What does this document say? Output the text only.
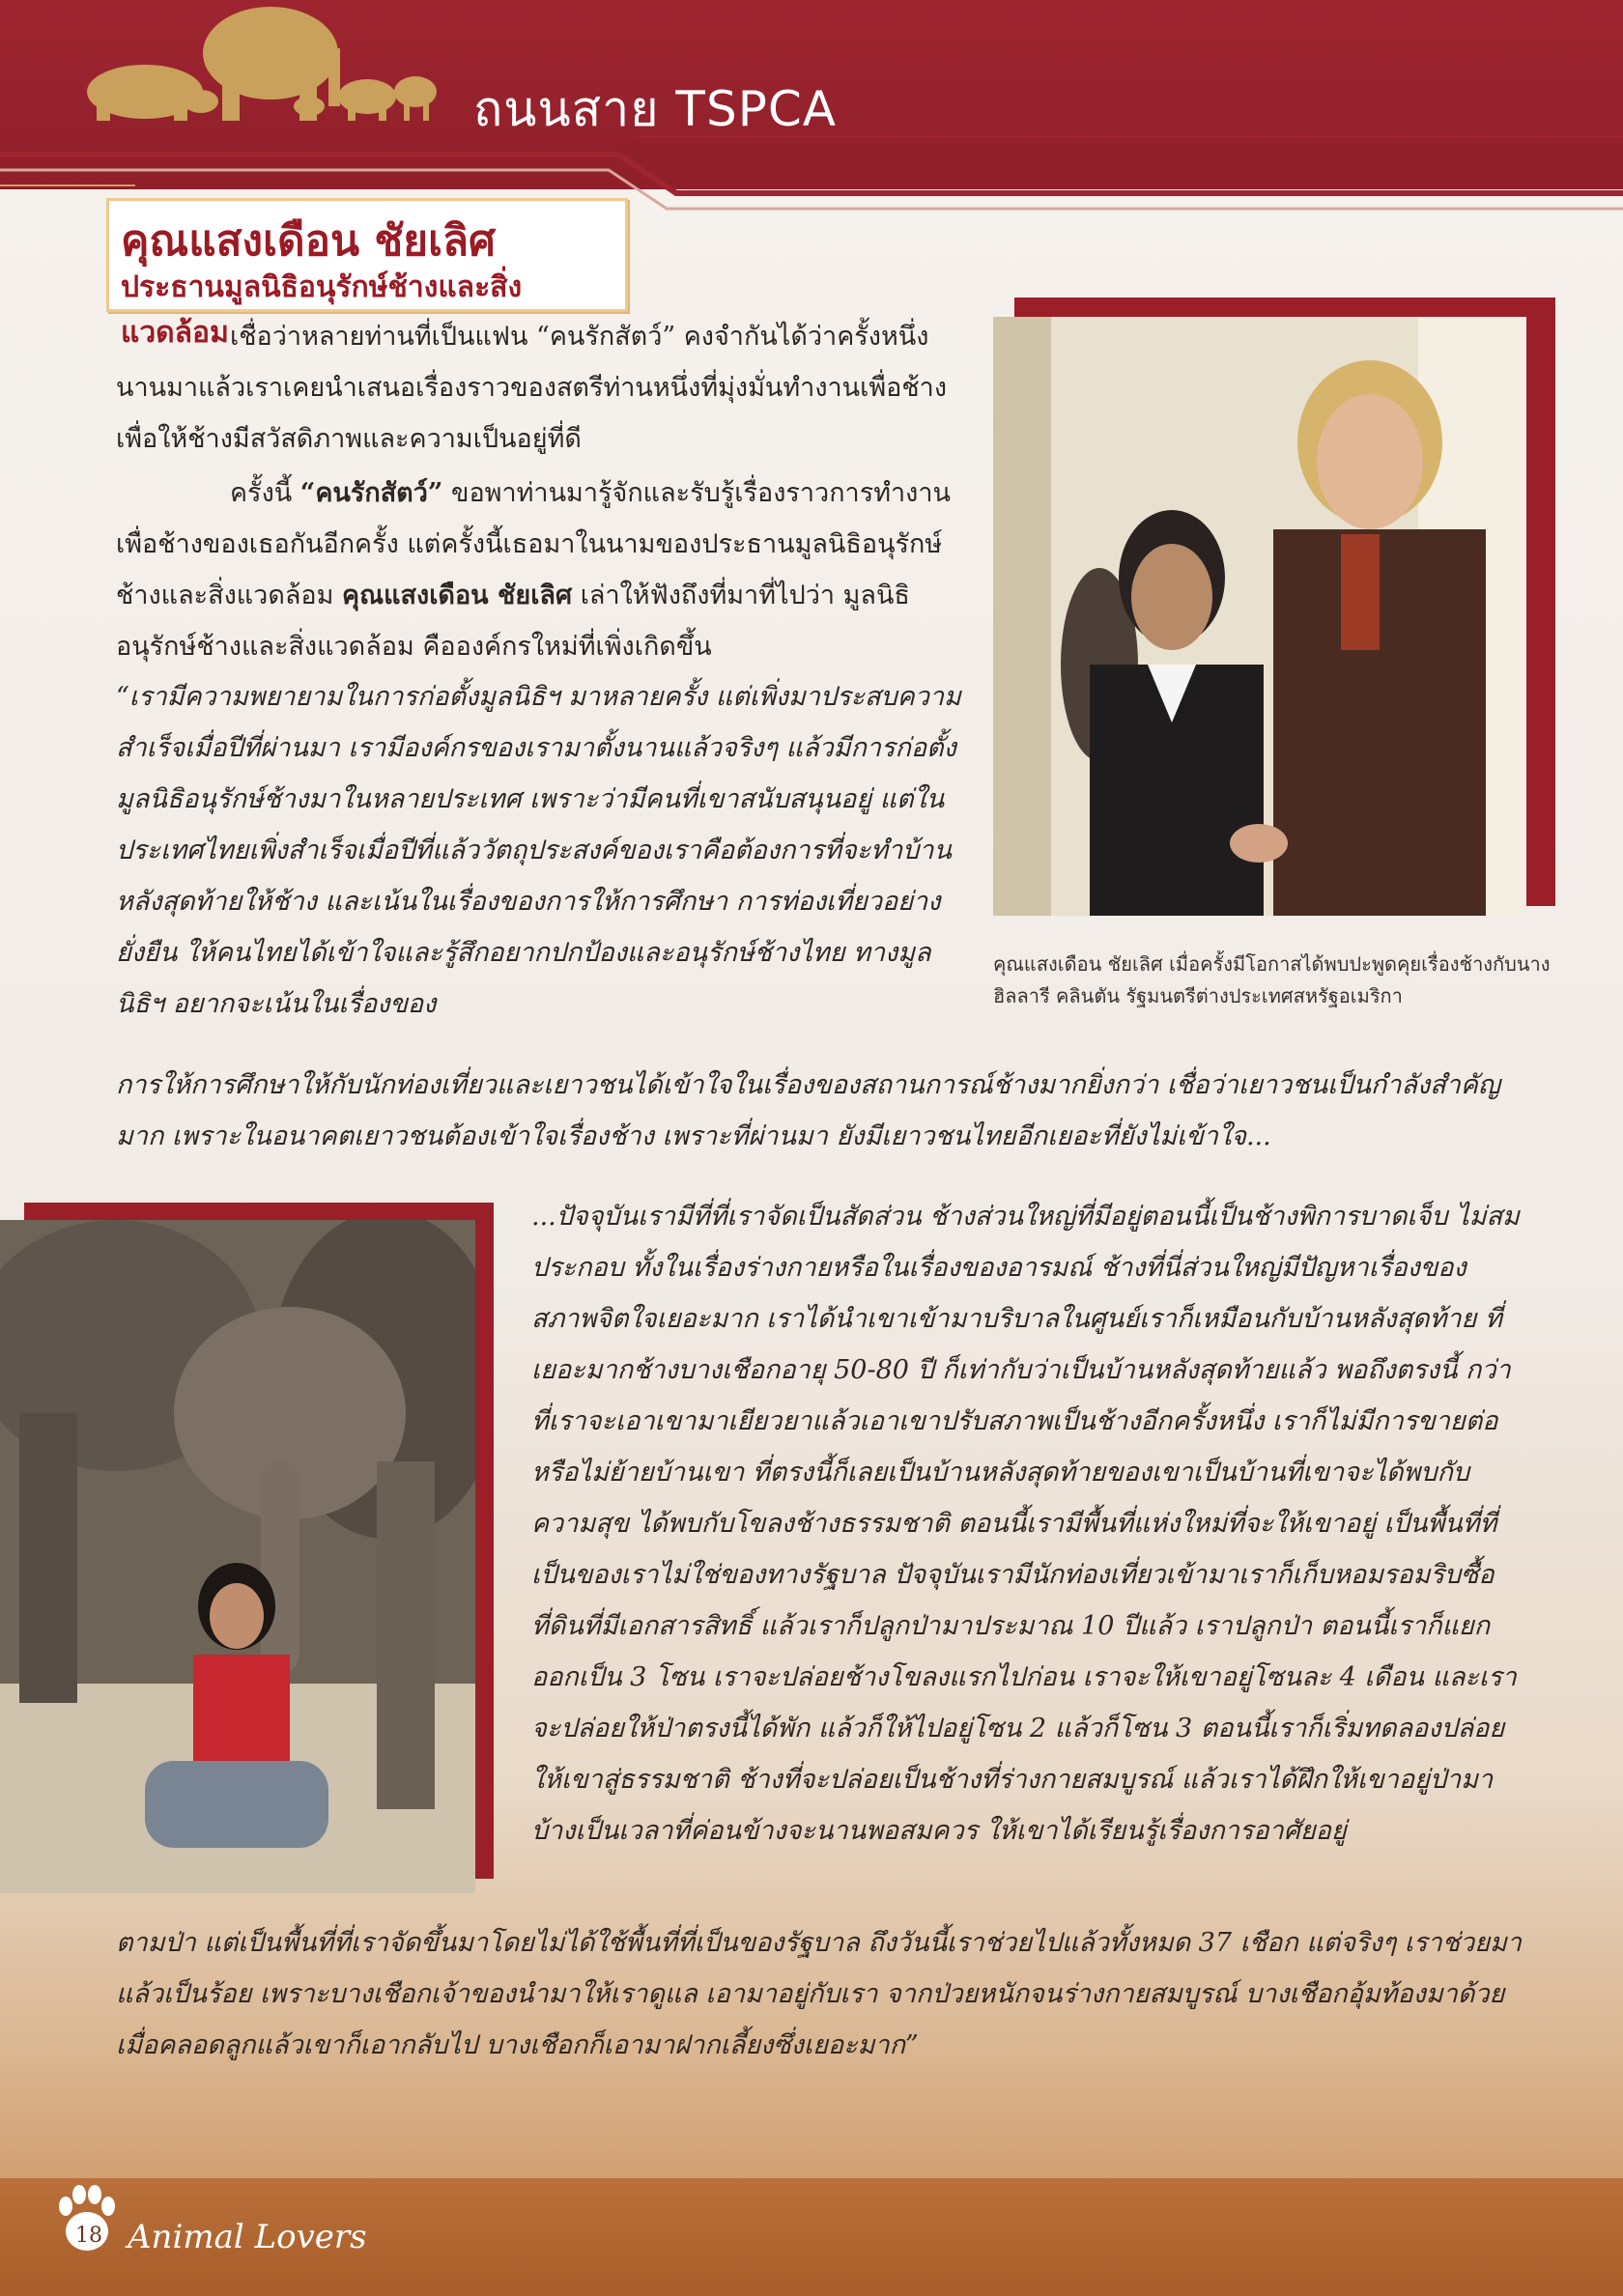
ถนนสาย TSPCA
คุณแสงเดือน ชัยเลิศ
ประธานมูลนิธิอนุรักษ์ช้างและสิ่งแวดล้อม
คุณแสงเดือน ชัยเลิศ เมื่อครั้งมีโอกาสได้พบปะพูดคุยเรื่องช้างกับนางฮิลลารี คลินตัน รัฐมนตรีต่างประเทศสหรัฐอเมริกา

เชื่อว่าหลายท่านที่เป็นแฟน “คนรักสัตว์” คงจำกันได้ว่าครั้งหนึ่งนานมาแล้วเราเคยนำเสนอเรื่องราวของสตรีท่านหนึ่งที่มุ่งมั่นทำงานเพื่อช้าง เพื่อให้ช้างมีสวัสดิภาพและความเป็นอยู่ที่ดี

ครั้งนี้ “คนรักสัตว์” ขอพาท่านมารู้จักและรับรู้เรื่องราวการทำงานเพื่อช้างของเธอกันอีกครั้ง แต่ครั้งนี้เธอมาในนามของประธานมูลนิธิอนุรักษ์ช้างและสิ่งแวดล้อม คุณแสงเดือน ชัยเลิศ เล่าให้ฟังถึงที่มาที่ไปว่า มูลนิธิอนุรักษ์ช้างและสิ่งแวดล้อม คือองค์กรใหม่ที่เพิ่งเกิดขึ้น

“เรามีความพยายามในการก่อตั้งมูลนิธิฯ มาหลายครั้ง แต่เพิ่งมาประสบความสำเร็จเมื่อปีที่ผ่านมา เรามีองค์กรของเรามาตั้งนานแล้วจริงๆ แล้วมีการก่อตั้งมูลนิธิอนุรักษ์ช้างมาในหลายประเทศ เพราะว่ามีคนที่เขาสนับสนุนอยู่ แต่ในประเทศไทยเพิ่งสำเร็จเมื่อปีที่แล้ววัตถุประสงค์ของเราคือต้องการที่จะทำบ้านหลังสุดท้ายให้ช้าง และเน้นในเรื่องของการให้การศึกษา การท่องเที่ยวอย่างยั่งยืน ให้คนไทยได้เข้าใจและรู้สึกอยากปกป้องและอนุรักษ์ช้างไทย ทางมูลนิธิฯ อยากจะเน้นในเรื่องของ

การให้การศึกษาให้กับนักท่องเที่ยวและเยาวชนได้เข้าใจในเรื่องของสถานการณ์ช้างมากยิ่งกว่า เชื่อว่าเยาวชนเป็นกำลังสำคัญมาก เพราะในอนาคตเยาวชนต้องเข้าใจเรื่องช้าง เพราะที่ผ่านมา ยังมีเยาวชนไทยอีกเยอะที่ยังไม่เข้าใจ...

...ปัจจุบันเรามีที่ที่เราจัดเป็นสัดส่วน ช้างส่วนใหญ่ที่มีอยู่ตอนนี้เป็นช้างพิการบาดเจ็บ ไม่สมประกอบ ทั้งในเรื่องร่างกายหรือในเรื่องของอารมณ์ ช้างที่นี่ส่วนใหญ่มีปัญหาเรื่องของสภาพจิตใจเยอะมาก เราได้นำเขาเข้ามาบริบาลในศูนย์เราก็เหมือนกับบ้านหลังสุดท้าย ที่เยอะมากช้างบางเชือกอายุ 50-80 ปี ก็เท่ากับว่าเป็นบ้านหลังสุดท้ายแล้ว พอถึงตรงนี้ กว่าที่เราจะเอาเขามาเยียวยาแล้วเอาเขาปรับสภาพเป็นช้างอีกครั้งหนึ่ง เราก็ไม่มีการขายต่อ หรือไม่ย้ายบ้านเขา ที่ตรงนี้ก็เลยเป็นบ้านหลังสุดท้ายของเขาเป็นบ้านที่เขาจะได้พบกับความสุข ได้พบกับโขลงช้างธรรมชาติ ตอนนี้เรามีพื้นที่แห่งใหม่ที่จะให้เขาอยู่ เป็นพื้นที่ที่เป็นของเราไม่ใช่ของทางรัฐบาล ปัจจุบันเรามีนักท่องเที่ยวเข้ามาเราก็เก็บหอมรอมริบซื้อที่ดินที่มีเอกสารสิทธิ์ แล้วเราก็ปลูกป่ามาประมาณ 10 ปีแล้ว เราปลูกป่า ตอนนี้เราก็แยกออกเป็น 3 โซน เราจะปล่อยช้างโขลงแรกไปก่อน เราจะให้เขาอยู่โซนละ 4 เดือน และเราจะปล่อยให้ป่าตรงนี้ได้พัก แล้วก็ให้ไปอยู่โซน 2 แล้วก็โซน 3 ตอนนี้เราก็เริ่มทดลองปล่อยให้เขาสู่ธรรมชาติ ช้างที่จะปล่อยเป็นช้างที่ร่างกายสมบูรณ์ แล้วเราได้ฝึกให้เขาอยู่ป่ามาบ้างเป็นเวลาที่ค่อนข้างจะนานพอสมควร ให้เขาได้เรียนรู้เรื่องการอาศัยอยู่

ตามป่า แต่เป็นพื้นที่ที่เราจัดขึ้นมาโดยไม่ได้ใช้พื้นที่ที่เป็นของรัฐบาล ถึงวันนี้เราช่วยไปแล้วทั้งหมด 37 เชือก แต่จริงๆ เราช่วยมาแล้วเป็นร้อย เพราะบางเชือกเจ้าของนำมาให้เราดูแล เอามาอยู่กับเรา จากป่วยหนักจนร่างกายสมบูรณ์ บางเชือกอุ้มท้องมาด้วย เมื่อคลอดลูกแล้วเขาก็เอากลับไป บางเชือกก็เอามาฝากเลี้ยงซึ่งเยอะมาก”

18 Animal Lovers
